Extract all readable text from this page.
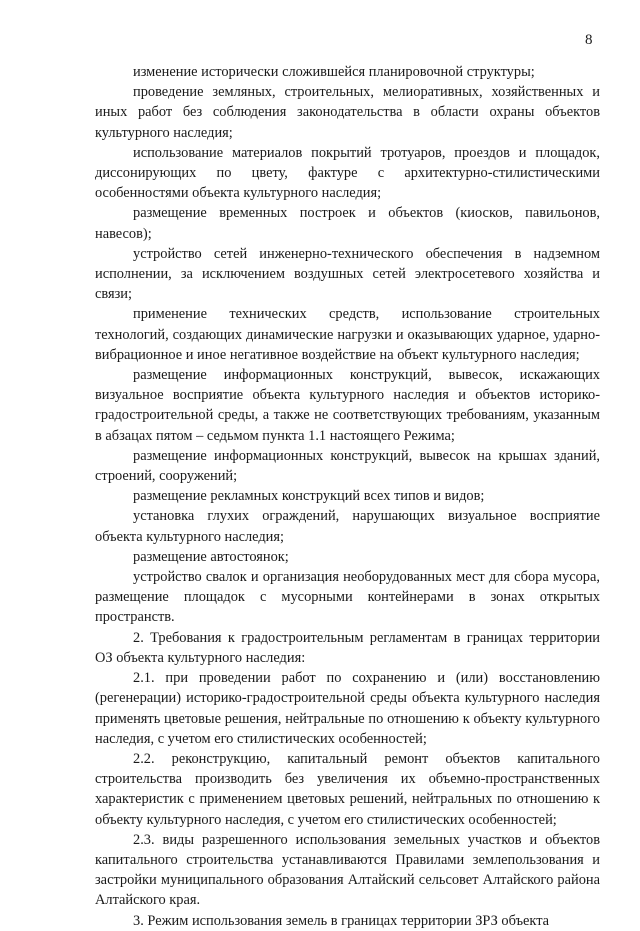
8

изменение исторически сложившейся планировочной структуры;

проведение земляных, строительных, мелиоративных, хозяйственных и иных работ без соблюдения законодательства в области охраны объектов культурного наследия;

использование материалов покрытий тротуаров, проездов и площадок, диссонирующих по цвету, фактуре с архитектурно-стилистическими особенностями объекта культурного наследия;

размещение временных построек и объектов (киосков, павильонов, навесов);

устройство сетей инженерно-технического обеспечения в надземном исполнении, за исключением воздушных сетей электросетевого хозяйства и связи;

применение технических средств, использование строительных технологий, создающих динамические нагрузки и оказывающих ударное, ударно-вибрационное и иное негативное воздействие на объект культурного наследия;

размещение информационных конструкций, вывесок, искажающих визуальное восприятие объекта культурного наследия и объектов историко-градостроительной среды, а также не соответствующих требованиям, указанным в абзацах пятом – седьмом пункта 1.1 настоящего Режима;

размещение информационных конструкций, вывесок на крышах зданий, строений, сооружений;

размещение рекламных конструкций всех типов и видов;

установка глухих ограждений, нарушающих визуальное восприятие объекта культурного наследия;

размещение автостоянок;

устройство свалок и организация необорудованных мест для сбора мусора, размещение площадок с мусорными контейнерами в зонах открытых пространств.

2. Требования к градостроительным регламентам в границах территории ОЗ объекта культурного наследия:

2.1. при проведении работ по сохранению и (или) восстановлению (регенерации) историко-градостроительной среды объекта культурного наследия применять цветовые решения, нейтральные по отношению к объекту культурного наследия, с учетом его стилистических особенностей;

2.2. реконструкцию, капитальный ремонт объектов капитального строительства производить без увеличения их объемно-пространственных характеристик с применением цветовых решений, нейтральных по отношению к объекту культурного наследия, с учетом его стилистических особенностей;

2.3. виды разрешенного использования земельных участков и объектов капитального строительства устанавливаются Правилами землепользования и застройки муниципального образования Алтайский сельсовет Алтайского района Алтайского края.

3. Режим использования земель в границах территории ЗРЗ объекта
